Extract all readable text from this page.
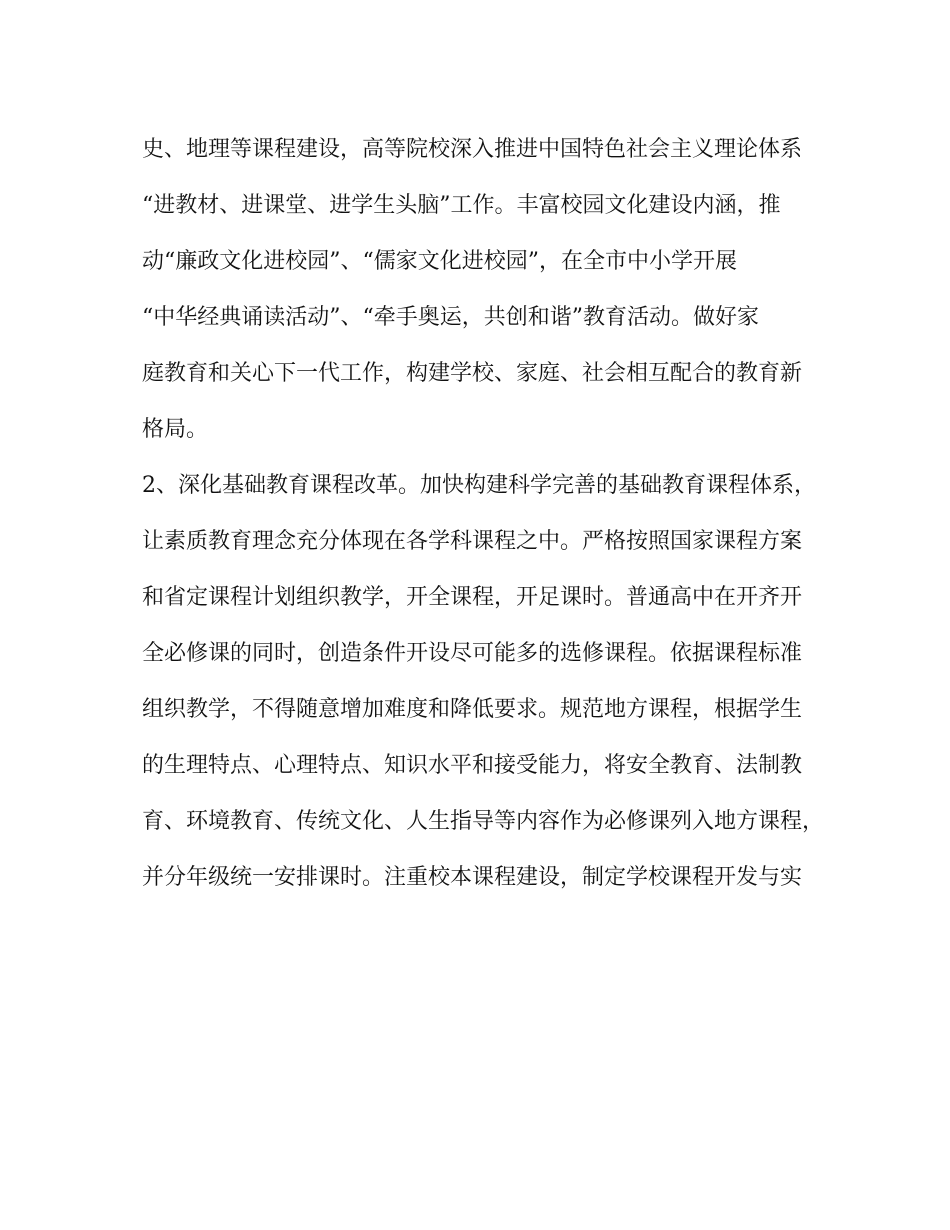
史、地理等课程建设，高等院校深入推进中国特色社会主义理论体系
“进教材、进课堂、进学生头脑”工作。丰富校园文化建设内涵，推
动“廉政文化进校园”、“儒家文化进校园”，在全市中小学开展
“中华经典诵读活动”、“牵手奥运，共创和谐”教育活动。做好家
庭教育和关心下一代工作，构建学校、家庭、社会相互配合的教育新
格局。
2、深化基础教育课程改革。加快构建科学完善的基础教育课程体系，
让素质教育理念充分体现在各学科课程之中。严格按照国家课程方案
和省定课程计划组织教学，开全课程，开足课时。普通高中在开齐开
全必修课的同时，创造条件开设尽可能多的选修课程。依据课程标准
组织教学，不得随意增加难度和降低要求。规范地方课程，根据学生
的生理特点、心理特点、知识水平和接受能力，将安全教育、法制教
育、环境教育、传统文化、人生指导等内容作为必修课列入地方课程，
并分年级统一安排课时。注重校本课程建设，制定学校课程开发与实
